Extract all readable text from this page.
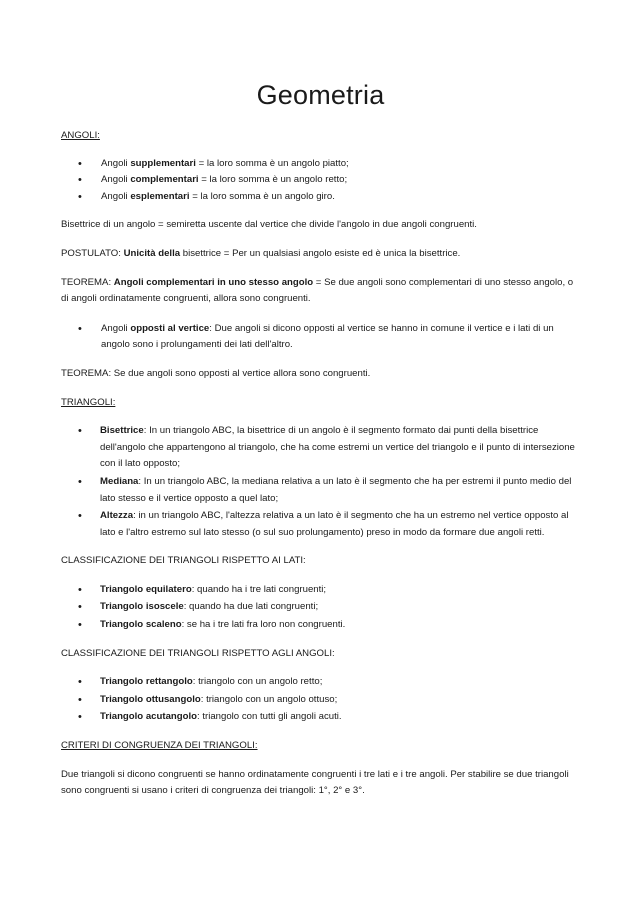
Geometria

ANGOLI:

• Angoli supplementari = la loro somma è un angolo piatto;
• Angoli complementari = la loro somma è un angolo retto;
• Angoli esplementari = la loro somma è un angolo giro.

Bisettrice di un angolo = semiretta uscente dal vertice che divide l'angolo in due angoli congruenti.

POSTULATO: Unicità della bisettrice = Per un qualsiasi angolo esiste ed è unica la bisettrice.

TEOREMA: Angoli complementari in uno stesso angolo = Se due angoli sono complementari di uno stesso angolo, o di angoli ordinatamente congruenti, allora sono congruenti.

• Angoli opposti al vertice: Due angoli si dicono opposti al vertice se hanno in comune il vertice e i lati di un angolo sono i prolungamenti dei lati dell'altro.

TEOREMA: Se due angoli sono opposti al vertice allora sono congruenti.

TRIANGOLI:

• Bisettrice: In un triangolo ABC, la bisettrice di un angolo è il segmento formato dai punti della bisettrice dell'angolo che appartengono al triangolo, che ha come estremi un vertice del triangolo e il punto di intersezione con il lato opposto;
• Mediana: In un triangolo ABC, la mediana relativa a un lato è il segmento che ha per estremi il punto medio del lato stesso e il vertice opposto a quel lato;
• Altezza: in un triangolo ABC, l'altezza relativa a un lato è il segmento che ha un estremo nel vertice opposto al lato e l'altro estremo sul lato stesso (o sul suo prolungamento) preso in modo da formare due angoli retti.

CLASSIFICAZIONE DEI TRIANGOLI RISPETTO AI LATI:

• Triangolo equilatero: quando ha i tre lati congruenti;
• Triangolo isoscele: quando ha due lati congruenti;
• Triangolo scaleno: se ha i tre lati fra loro non congruenti.

CLASSIFICAZIONE DEI TRIANGOLI RISPETTO AGLI ANGOLI:

• Triangolo rettangolo: triangolo con un angolo retto;
• Triangolo ottusangolo: triangolo con un angolo ottuso;
• Triangolo acutangolo: triangolo con tutti gli angoli acuti.

CRITERI DI CONGRUENZA DEI TRIANGOLI:

Due triangoli si dicono congruenti se hanno ordinatamente congruenti i tre lati e i tre angoli. Per stabilire se due triangoli sono congruenti si usano i criteri di congruenza dei triangoli: 1°, 2° e 3°.
